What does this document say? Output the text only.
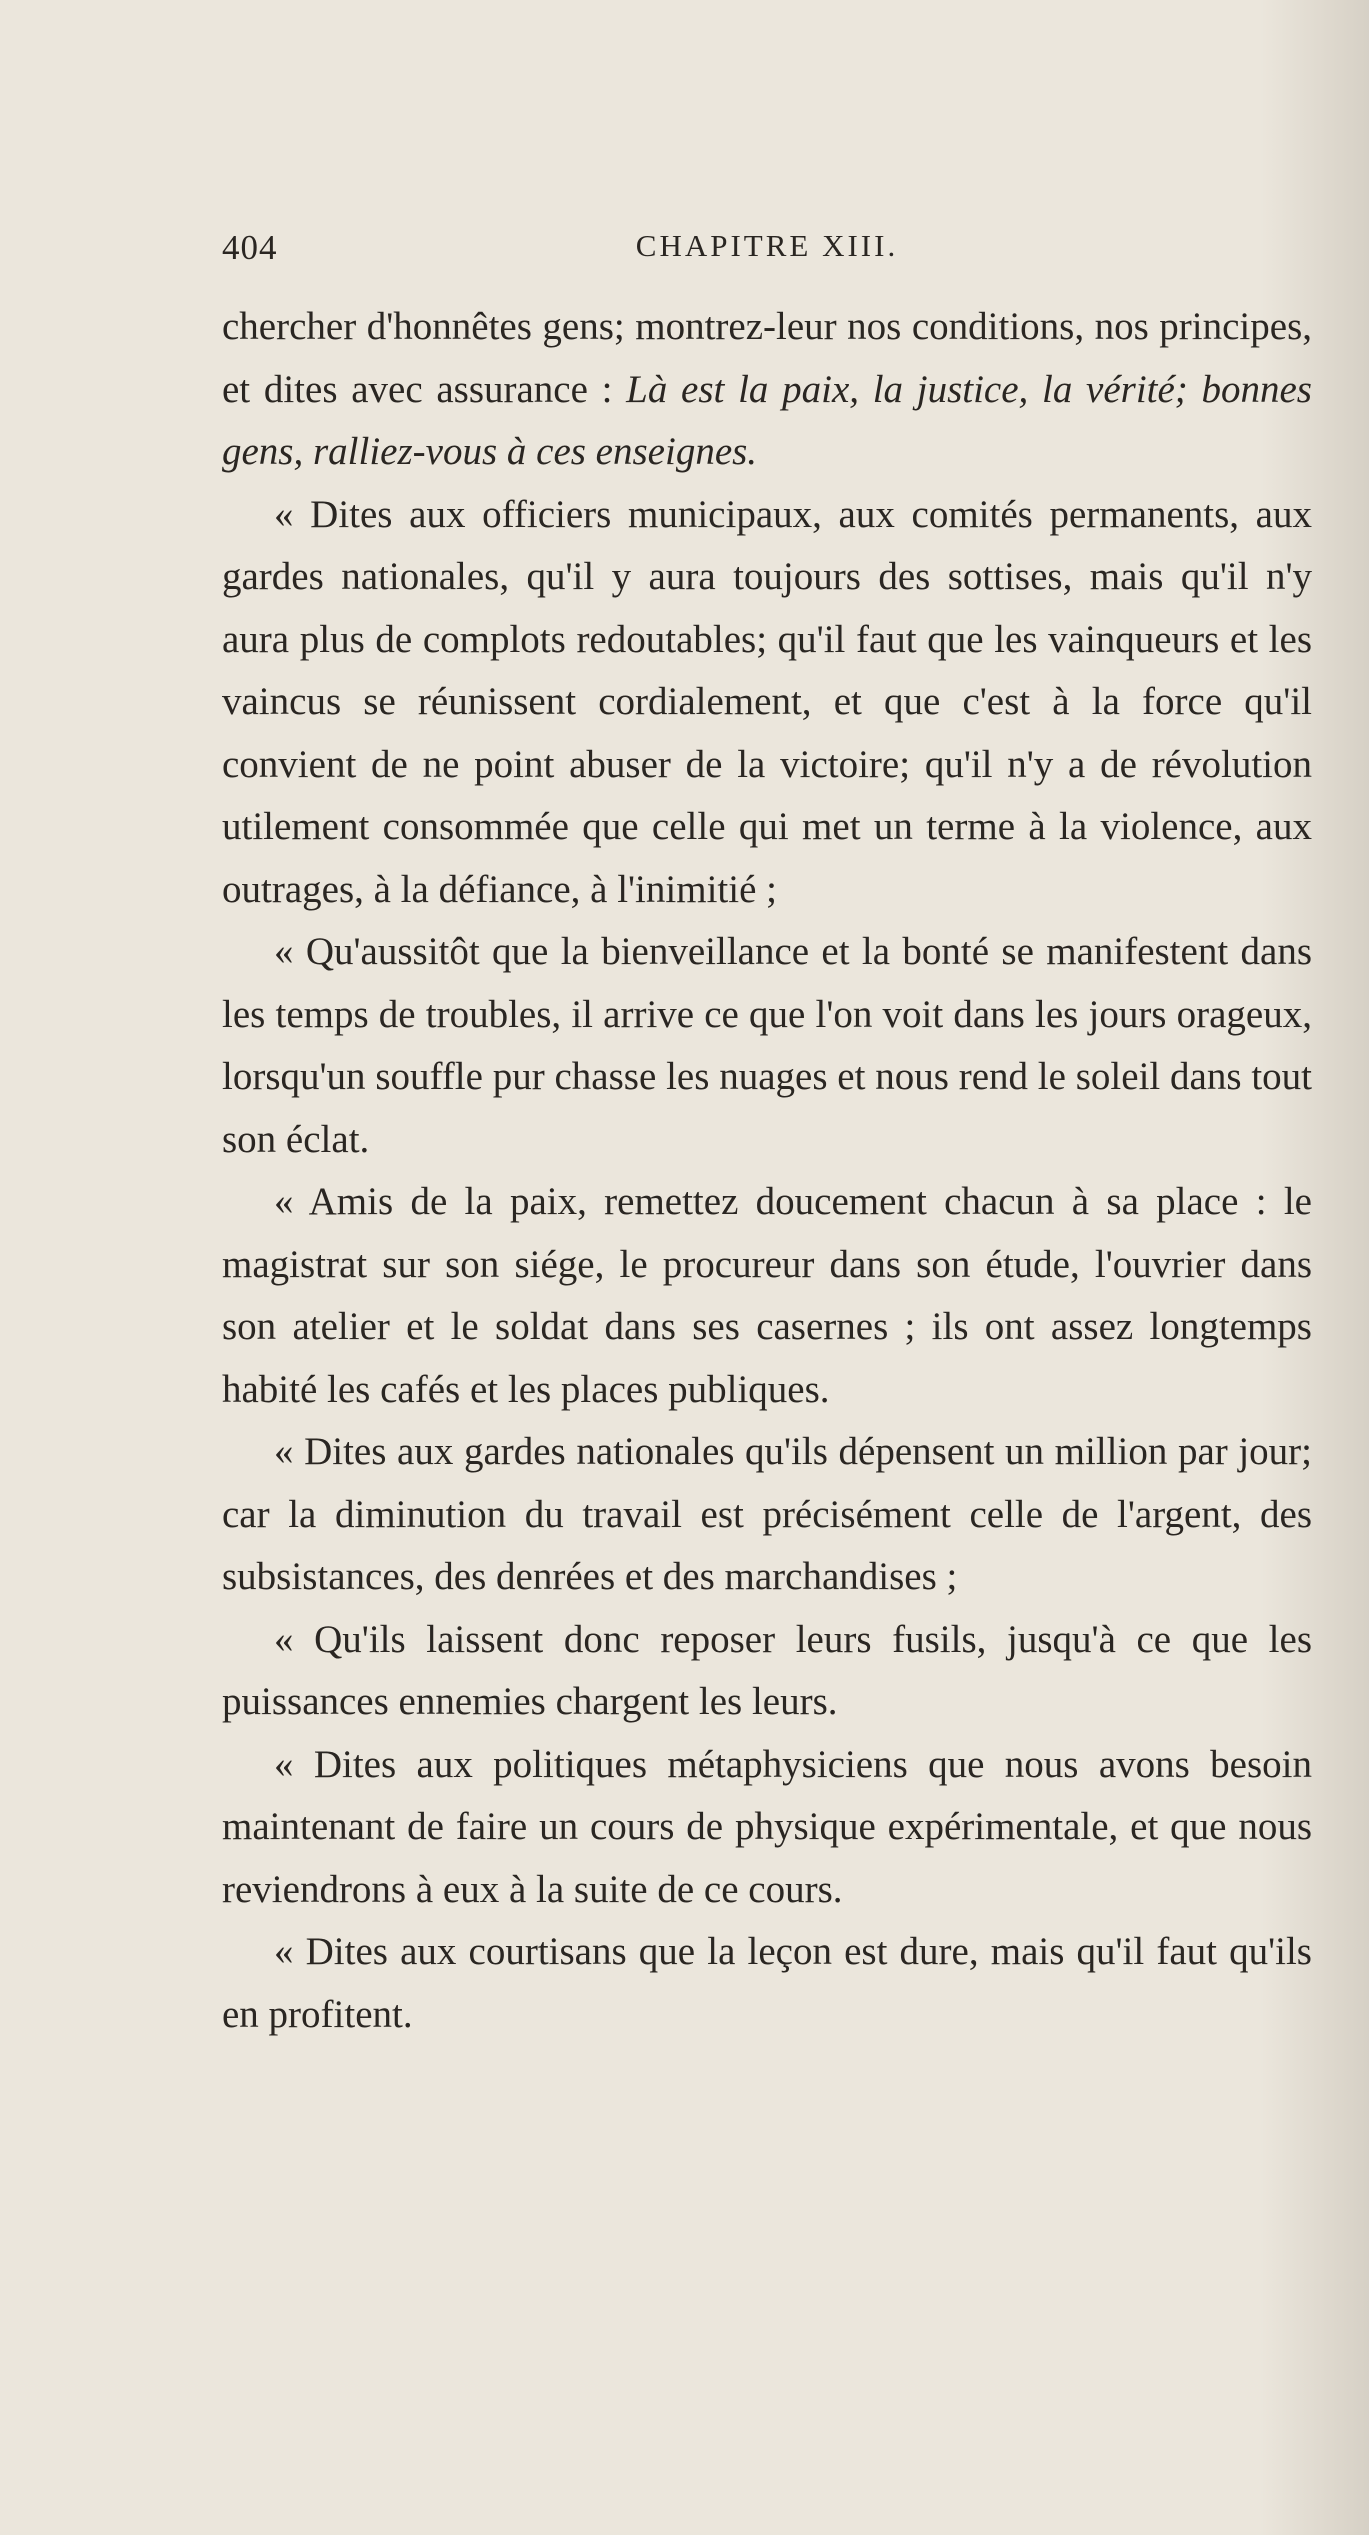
404	CHAPITRE XIII.

chercher d'honnêtes gens; montrez-leur nos conditions, nos principes, et dites avec assurance : Là est la paix, la justice, la vérité; bonnes gens, ralliez-vous à ces enseignes.

« Dites aux officiers municipaux, aux comités permanents, aux gardes nationales, qu'il y aura toujours des sottises, mais qu'il n'y aura plus de complots redoutables; qu'il faut que les vainqueurs et les vaincus se réunissent cordialement, et que c'est à la force qu'il convient de ne point abuser de la victoire; qu'il n'y a de révolution utilement consommée que celle qui met un terme à la violence, aux outrages, à la défiance, à l'inimitié ;

« Qu'aussitôt que la bienveillance et la bonté se manifestent dans les temps de troubles, il arrive ce que l'on voit dans les jours orageux, lorsqu'un souffle pur chasse les nuages et nous rend le soleil dans tout son éclat.

« Amis de la paix, remettez doucement chacun à sa place : le magistrat sur son siége, le procureur dans son étude, l'ouvrier dans son atelier et le soldat dans ses casernes ; ils ont assez longtemps habité les cafés et les places publiques.

« Dites aux gardes nationales qu'ils dépensent un million par jour; car la diminution du travail est précisément celle de l'argent, des subsistances, des denrées et des marchandises ;

« Qu'ils laissent donc reposer leurs fusils, jusqu'à ce que les puissances ennemies chargent les leurs.

« Dites aux politiques métaphysiciens que nous avons besoin maintenant de faire un cours de physique expérimentale, et que nous reviendrons à eux à la suite de ce cours.

« Dites aux courtisans que la leçon est dure, mais qu'il faut qu'ils en profitent.
